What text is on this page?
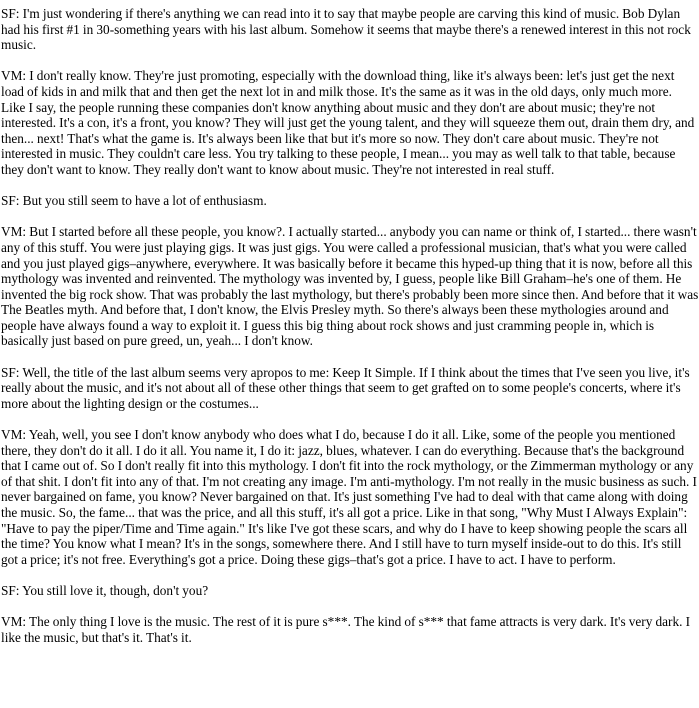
SF: I'm just wondering if there's anything we can read into it to say that maybe people are carving this kind of music. Bob Dylan had his first #1 in 30-something years with his last album. Somehow it seems that maybe there's a renewed interest in this not rock music.

VM: I don't really know. They're just promoting, especially with the download thing, like it's always been: let's just get the next load of kids in and milk that and then get the next lot in and milk those. It's the same as it was in the old days, only much more. Like I say, the people running these companies don't know anything about music and they don't are about music; they're not interested. It's a con, it's a front, you know? They will just get the young talent, and they will squeeze them out, drain them dry, and then... next! That's what the game is. It's always been like that but it's more so now. They don't care about music. They're not interested in music. They couldn't care less. You try talking to these people, I mean... you may as well talk to that table, because they don't want to know. They really don't want to know about music. They're not interested in real stuff.

SF: But you still seem to have a lot of enthusiasm.

VM: But I started before all these people, you know?. I actually started... anybody you can name or think of, I started... there wasn't any of this stuff. You were just playing gigs. It was just gigs. You were called a professional musician, that's what you were called and you just played gigs–anywhere, everywhere. It was basically before it became this hyped-up thing that it is now, before all this mythology was invented and reinvented. The mythology was invented by, I guess, people like Bill Graham–he's one of them. He invented the big rock show. That was probably the last mythology, but there's probably been more since then. And before that it was The Beatles myth. And before that, I don't know, the Elvis Presley myth. So there's always been these mythologies around and people have always found a way to exploit it. I guess this big thing about rock shows and just cramming people in, which is basically just based on pure greed, un, yeah... I don't know.

SF: Well, the title of the last album seems very apropos to me: Keep It Simple. If I think about the times that I've seen you live, it's really about the music, and it's not about all of these other things that seem to get grafted on to some people's concerts, where it's more about the lighting design or the costumes...

VM: Yeah, well, you see I don't know anybody who does what I do, because I do it all. Like, some of the people you mentioned there, they don't do it all. I do it all. You name it, I do it: jazz, blues, whatever. I can do everything. Because that's the background that I came out of. So I don't really fit into this mythology. I don't fit into the rock mythology, or the Zimmerman mythology or any of that shit. I don't fit into any of that. I'm not creating any image. I'm anti-mythology. I'm not really in the music business as such. I never bargained on fame, you know? Never bargained on that. It's just something I've had to deal with that came along with doing the music. So, the fame... that was the price, and all this stuff, it's all got a price. Like in that song, "Why Must I Always Explain": "Have to pay the piper/Time and Time again." It's like I've got these scars, and why do I have to keep showing people the scars all the time? You know what I mean? It's in the songs, somewhere there. And I still have to turn myself inside-out to do this. It's still got a price; it's not free. Everything's got a price. Doing these gigs–that's got a price. I have to act. I have to perform.

SF: You still love it, though, don't you?

VM: The only thing I love is the music. The rest of it is pure s***. The kind of s*** that fame attracts is very dark. It's very dark. I like the music, but that's it. That's it.
